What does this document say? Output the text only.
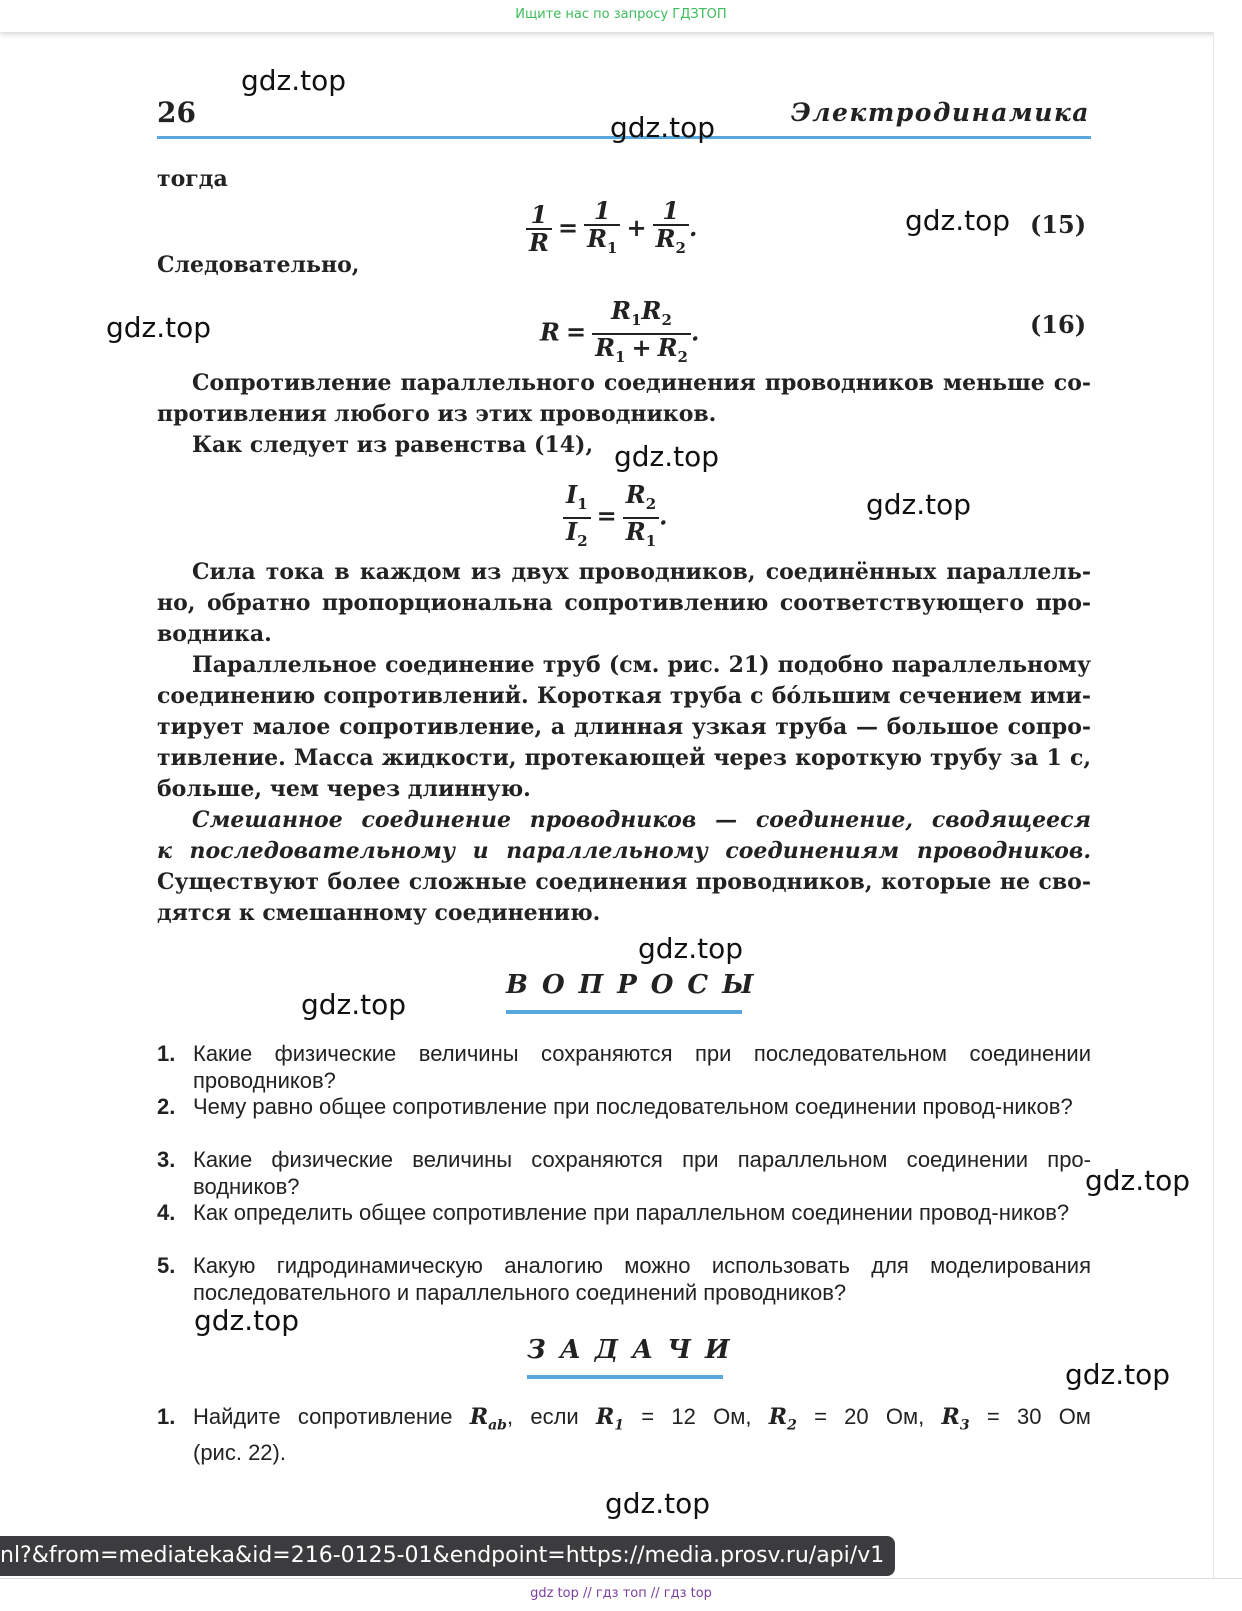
Ищите нас по запросу ГДЗТОП
26	Электродинамика
тогда
$\frac{1}{R} = \frac{1}{R_1} + \frac{1}{R_2}$ .	(15)
Следовательно,
$R = \frac{R_1R_2}{R_1 + R_2}$ .	(16)
Сопротивление параллельного соединения проводников меньше со-
противления любого из этих проводников.
Как следует из равенства (14),
$\frac{I_1}{I_2} = \frac{R_2}{R_1}$ .
Сила тока в каждом из двух проводников, соединённых параллель-
но, обратно пропорциональна сопротивлению соответствующего про-
водника.
Параллельное соединение труб (см. рис. 21) подобно параллельному
соединению сопротивлений. Короткая труба с бóльшим сечением ими-
тирует малое сопротивление, а длинная узкая труба — большое сопро-
тивление. Масса жидкости, протекающей через короткую трубу за 1 с,
больше, чем через длинную.
Смешанное соединение проводников — соединение, сводящееся
к последовательному и параллельному соединениям проводников.
Существуют более сложные соединения проводников, которые не сво-
дятся к смешанному соединению.
ВОПРОСЫ
1. Какие физические величины сохраняются при последовательном соединении проводников?
2. Чему равно общее сопротивление при последовательном соединении провод-ников?
3. Какие физические величины сохраняются при параллельном соединении про-водников?
4. Как определить общее сопротивление при параллельном соединении провод-ников?
5. Какую гидродинамическую аналогию можно использовать для моделирования последовательного и параллельного соединений проводников?
ЗАДАЧИ
1. Найдите сопротивление $R_{ab}$, если $R_1 = 12$ Ом, $R_2 = 20$ Ом, $R_3 = 30$ Ом
(рис. 22).
gdz.top
gdz.top
gdz.top
gdz.top
gdz.top
gdz.top
gdz.top
gdz.top
gdz.top
gdz.top
gdz.top
gdz.top
nl?&from=mediateka&id=216-0125-01&endpoint=https://media.prosv.ru/api/v1
gdz top // гдз топ // гдз top
